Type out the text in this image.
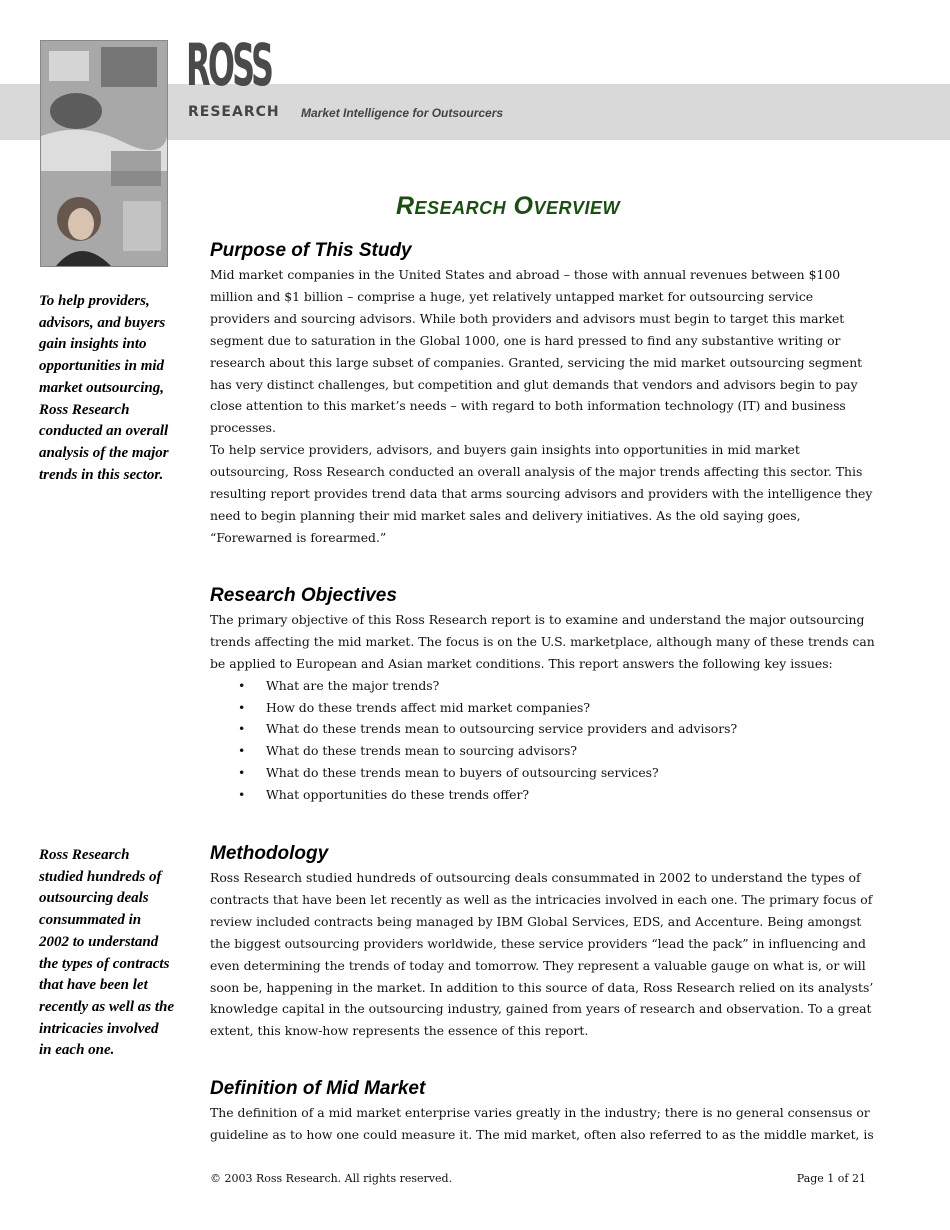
ROSS
RESEARCH Market Intelligence for Outsourcers
Research Overview

To help providers, advisors, and buyers gain insights into opportunities in mid market outsourcing, Ross Research conducted an overall analysis of the major trends in this sector.

Ross Research studied hundreds of outsourcing deals consummated in 2002 to understand the types of contracts that have been let recently as well as the intricacies involved in each one.

Purpose of This Study

Mid market companies in the United States and abroad – those with annual revenues between $100 million and $1 billion – comprise a huge, yet relatively untapped market for outsourcing service providers and sourcing advisors. While both providers and advisors must begin to target this market segment due to saturation in the Global 1000, one is hard pressed to find any substantive writing or research about this large subset of companies. Granted, servicing the mid market outsourcing segment has very distinct challenges, but competition and glut demands that vendors and advisors begin to pay close attention to this market’s needs – with regard to both information technology (IT) and business processes.

To help service providers, advisors, and buyers gain insights into opportunities in mid market outsourcing, Ross Research conducted an overall analysis of the major trends affecting this sector. This resulting report provides trend data that arms sourcing advisors and providers with the intelligence they need to begin planning their mid market sales and delivery initiatives. As the old saying goes, “Forewarned is forearmed.”

Research Objectives

The primary objective of this Ross Research report is to examine and understand the major outsourcing trends affecting the mid market. The focus is on the U.S. marketplace, although many of these trends can be applied to European and Asian market conditions. This report answers the following key issues:

• What are the major trends?
• How do these trends affect mid market companies?
• What do these trends mean to outsourcing service providers and advisors?
• What do these trends mean to sourcing advisors?
• What do these trends mean to buyers of outsourcing services?
• What opportunities do these trends offer?
Methodology

Ross Research studied hundreds of outsourcing deals consummated in 2002 to understand the types of contracts that have been let recently as well as the intricacies involved in each one. The primary focus of review included contracts being managed by IBM Global Services, EDS, and Accenture. Being amongst the biggest outsourcing providers worldwide, these service providers “lead the pack” in influencing and even determining the trends of today and tomorrow. They represent a valuable gauge on what is, or will soon be, happening in the market. In addition to this source of data, Ross Research relied on its analysts’ knowledge capital in the outsourcing industry, gained from years of research and observation. To a great extent, this know-how represents the essence of this report.

Definition of Mid Market

The definition of a mid market enterprise varies greatly in the industry; there is no general consensus or guideline as to how one could measure it. The mid market, often also referred to as the middle market, is

© 2003 Ross Research. All rights reserved.	Page 1 of 21
